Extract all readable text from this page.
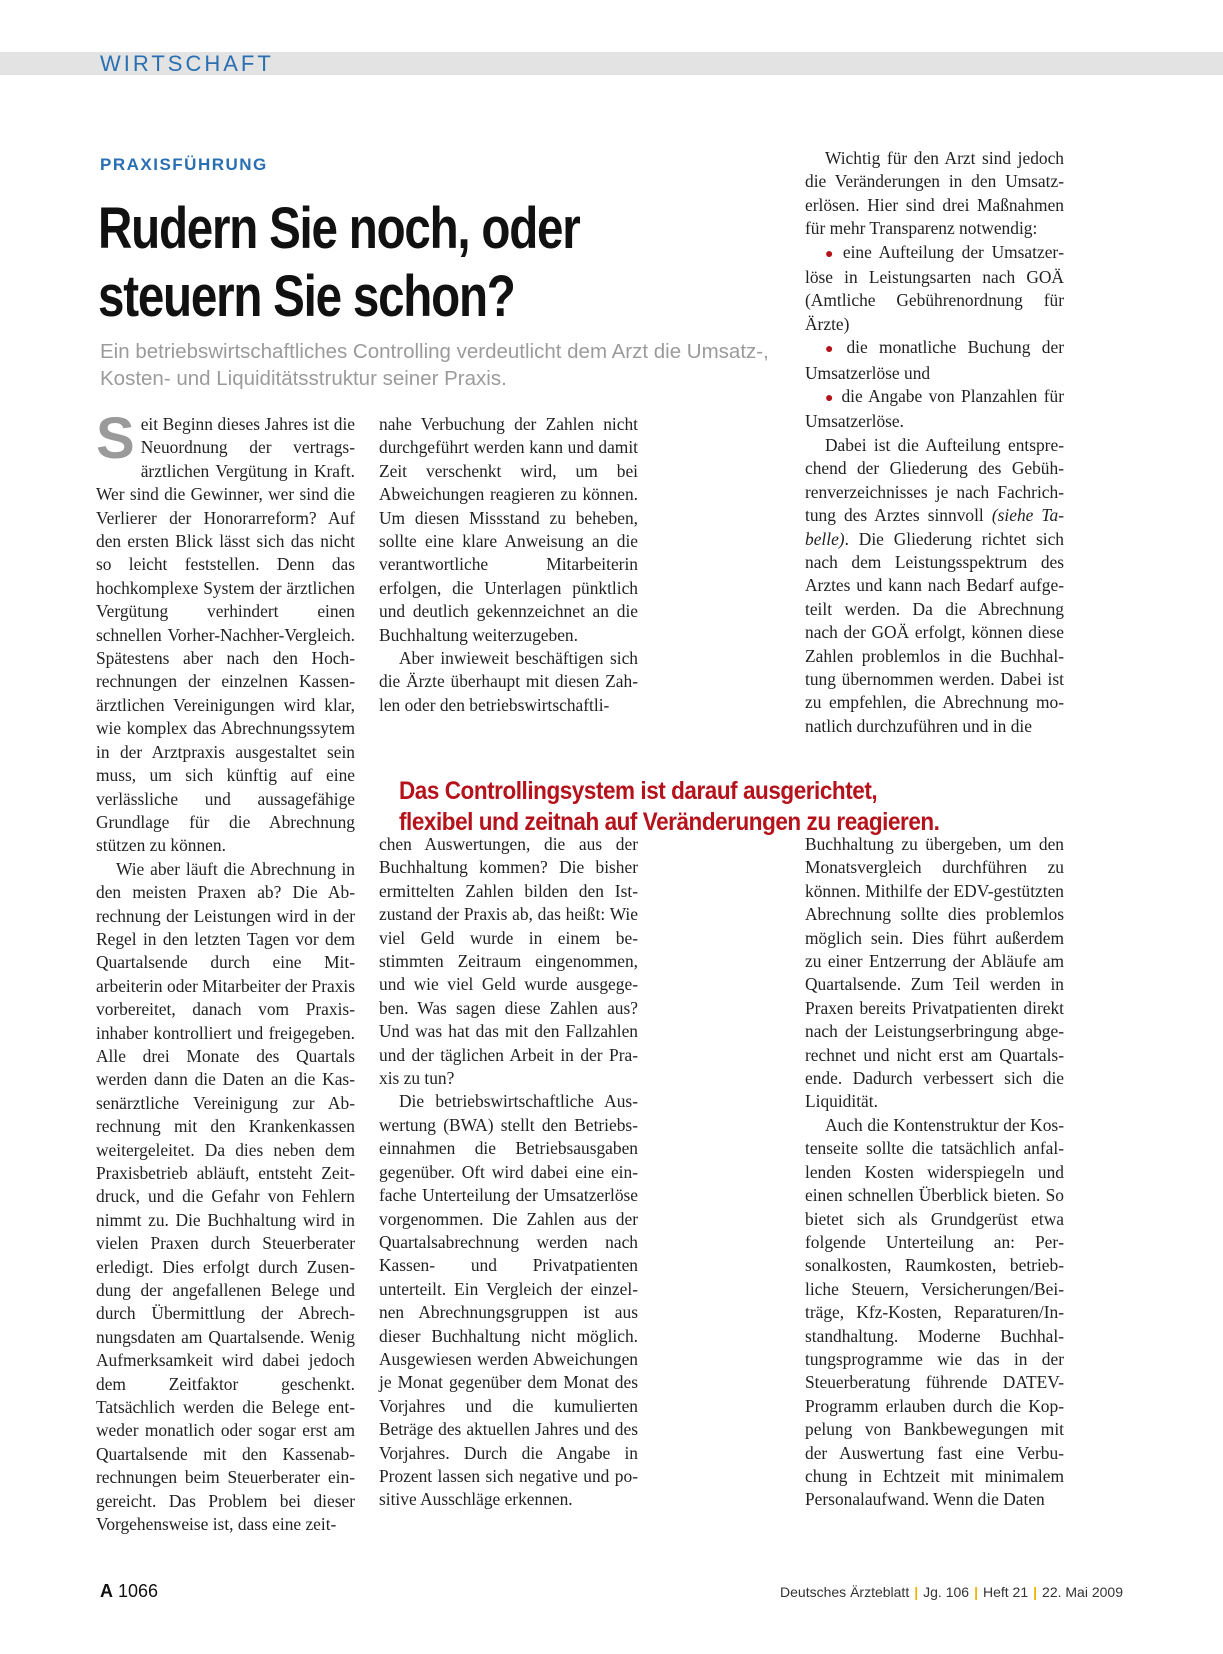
WIRTSCHAFT
PRAXISFÜHRUNG
Rudern Sie noch, oder
steuern Sie schon?
Ein betriebswirtschaftliches Controlling verdeutlicht dem Arzt die Umsatz-, Kosten- und Liquiditätsstruktur seiner Praxis.

Seit Beginn dieses Jahres ist die Neuordnung der vertragsärztlichen Vergütung in Kraft. Wer sind die Gewinner, wer sind die Verlierer der Honorarreform? Auf den ersten Blick lässt sich das nicht so leicht feststellen. Denn das hochkomplexe System der ärztlichen Vergütung verhindert einen schnellen Vorher-Nachher-Vergleich. Spätestens aber nach den Hochrechnungen der einzelnen Kassenärztlichen Vereinigungen wird klar, wie komplex das Abrechnungssytem in der Arztpraxis ausgestaltet sein muss, um sich künftig auf eine verlässliche und aussagefähige Grundlage für die Abrechnung stützen zu können.

Wie aber läuft die Abrechnung in den meisten Praxen ab? Die Abrechnung der Leistungen wird in der Regel in den letzten Tagen vor dem Quartalsende durch eine Mitarbeiterin oder Mitarbeiter der Praxis vorbereitet, danach vom Praxisinhaber kontrolliert und freigegeben. Alle drei Monate des Quartals werden dann die Daten an die Kassenärztliche Vereinigung zur Abrechnung mit den Krankenkassen weitergeleitet. Da dies neben dem Praxisbetrieb abläuft, entsteht Zeitdruck, und die Gefahr von Fehlern nimmt zu. Die Buchhaltung wird in vielen Praxen durch Steuerberater erledigt. Dies erfolgt durch Zusendung der angefallenen Belege und durch Übermittlung der Abrechnungsdaten am Quartalsende. Wenig Aufmerksamkeit wird dabei jedoch dem Zeitfaktor geschenkt. Tatsächlich werden die Belege entweder monatlich oder sogar erst am Quartalsende mit den Kassenabrechnungen beim Steuerberater eingereicht. Das Problem bei dieser Vorgehensweise ist, dass eine zeit-

nahe Verbuchung der Zahlen nicht durchgeführt werden kann und damit Zeit verschenkt wird, um bei Abweichungen reagieren zu können. Um diesen Missstand zu beheben, sollte eine klare Anweisung an die verantwortliche Mitarbeiterin erfolgen, die Unterlagen pünktlich und deutlich gekennzeichnet an die Buchhaltung weiterzugeben.

Aber inwieweit beschäftigen sich die Ärzte überhaupt mit diesen Zahlen oder den betriebswirtschaftli-

Wichtig für den Arzt sind jedoch die Veränderungen in den Umsatzerlösen. Hier sind drei Maßnahmen für mehr Transparenz notwendig:

● eine Aufteilung der Umsatzerlöse in Leistungsarten nach GOÄ (Amtliche Gebührenordnung für Ärzte)

● die monatliche Buchung der Umsatzerlöse und

● die Angabe von Planzahlen für Umsatzerlöse.

Dabei ist die Aufteilung entsprechend der Gliederung des Gebührenverzeichnisses je nach Fachrichtung des Arztes sinnvoll (siehe Tabelle). Die Gliederung richtet sich nach dem Leistungsspektrum des Arztes und kann nach Bedarf aufgeteilt werden. Da die Abrechnung nach der GOÄ erfolgt, können diese Zahlen problemlos in die Buchhaltung übernommen werden. Dabei ist zu empfehlen, die Abrechnung monatlich durchzuführen und in die

Das Controllingsystem ist darauf ausgerichtet,
flexibel und zeitnah auf Veränderungen zu reagieren.

chen Auswertungen, die aus der Buchhaltung kommen? Die bisher ermittelten Zahlen bilden den Istzustand der Praxis ab, das heißt: Wie viel Geld wurde in einem bestimmten Zeitraum eingenommen, und wie viel Geld wurde ausgegeben. Was sagen diese Zahlen aus? Und was hat das mit den Fallzahlen und der täglichen Arbeit in der Praxis zu tun?

Die betriebswirtschaftliche Auswertung (BWA) stellt den Betriebseinnahmen die Betriebsausgaben gegenüber. Oft wird dabei eine einfache Unterteilung der Umsatzerlöse vorgenommen. Die Zahlen aus der Quartalsabrechnung werden nach Kassen- und Privatpatienten unterteilt. Ein Vergleich der einzelnen Abrechnungsgruppen ist aus dieser Buchhaltung nicht möglich. Ausgewiesen werden Abweichungen je Monat gegenüber dem Monat des Vorjahres und die kumulierten Beträge des aktuellen Jahres und des Vorjahres. Durch die Angabe in Prozent lassen sich negative und positive Ausschläge erkennen.

Buchhaltung zu übergeben, um den Monatsvergleich durchführen zu können. Mithilfe der EDV-gestützten Abrechnung sollte dies problemlos möglich sein. Dies führt außerdem zu einer Entzerrung der Abläufe am Quartalsende. Zum Teil werden in Praxen bereits Privatpatienten direkt nach der Leistungserbringung abgerechnet und nicht erst am Quartalsende. Dadurch verbessert sich die Liquidität.

Auch die Kontenstruktur der Kostenseite sollte die tatsächlich anfallenden Kosten widerspiegeln und einen schnellen Überblick bieten. So bietet sich als Grundgerüst etwa folgende Unterteilung an: Personalkosten, Raumkosten, betriebliche Steuern, Versicherungen/Beiträge, Kfz-Kosten, Reparaturen/Instandhaltung. Moderne Buchhaltungsprogramme wie das in der Steuerberatung führende DATEV-Programm erlauben durch die Koppelung von Bankbewegungen mit der Auswertung fast eine Verbuchung in Echtzeit mit minimalem Personalaufwand. Wenn die Daten

A 1066	Deutsches Ärzteblatt | Jg. 106 | Heft 21 | 22. Mai 2009
